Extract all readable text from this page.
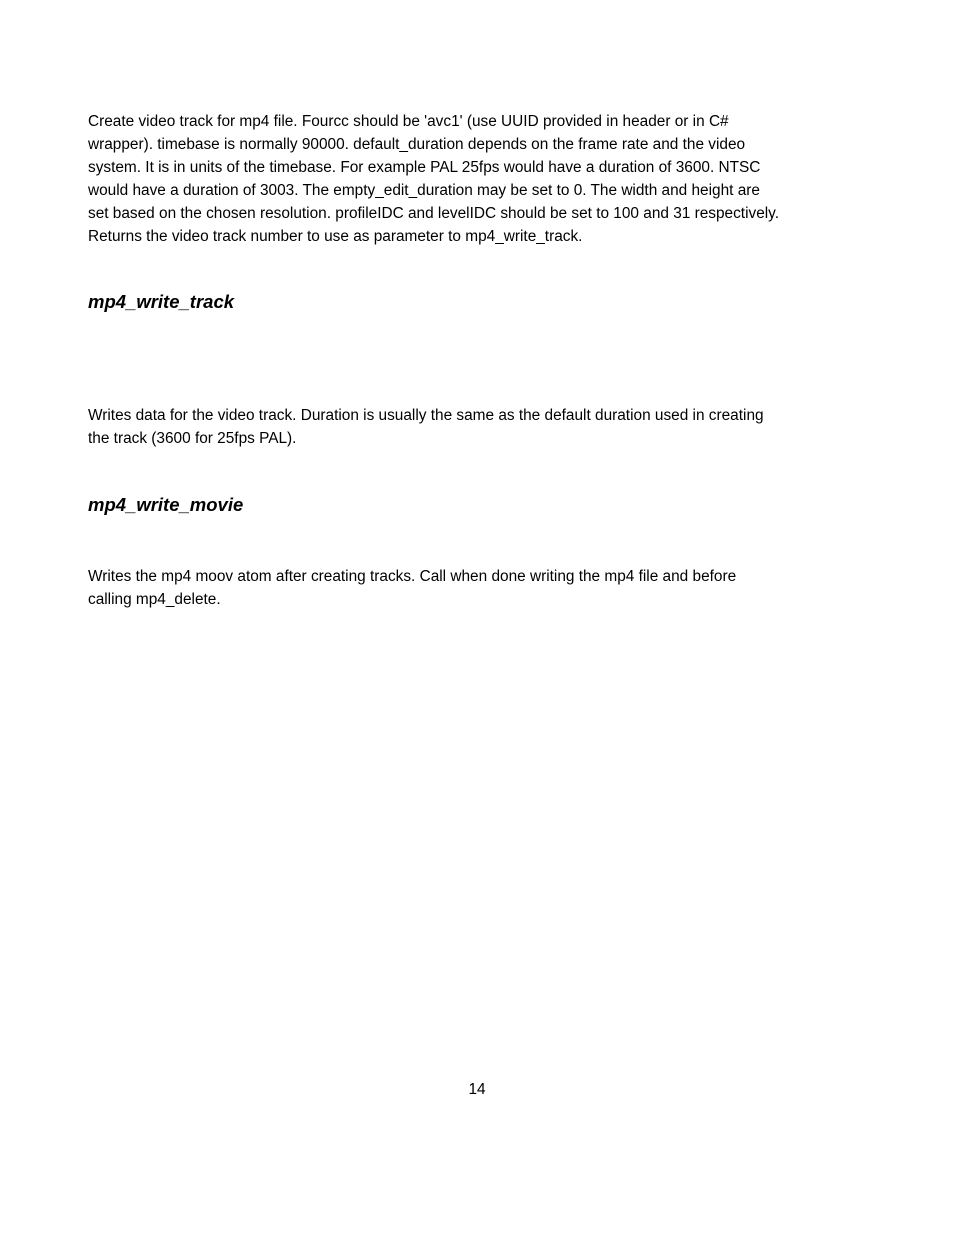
Create video track for mp4 file. Fourcc should be 'avc1' (use UUID provided in header or in C#
wrapper). timebase is normally 90000. default_duration depends on the frame rate and the video
system. It is in units of the timebase. For example PAL 25fps would have a duration of 3600. NTSC
would have a duration of 3003. The empty_edit_duration may be set to 0. The width and height are
set based on the chosen resolution. profileIDC and levelIDC should be set to 100 and 31 respectively.
Returns the video track number to use as parameter to mp4_write_track.

mp4_write_track

Writes data for the video track. Duration is usually the same as the default duration used in creating
the track (3600 for 25fps PAL).

mp4_write_movie

Writes the mp4 moov atom after creating tracks. Call when done writing the mp4 file and before
calling mp4_delete.

14
